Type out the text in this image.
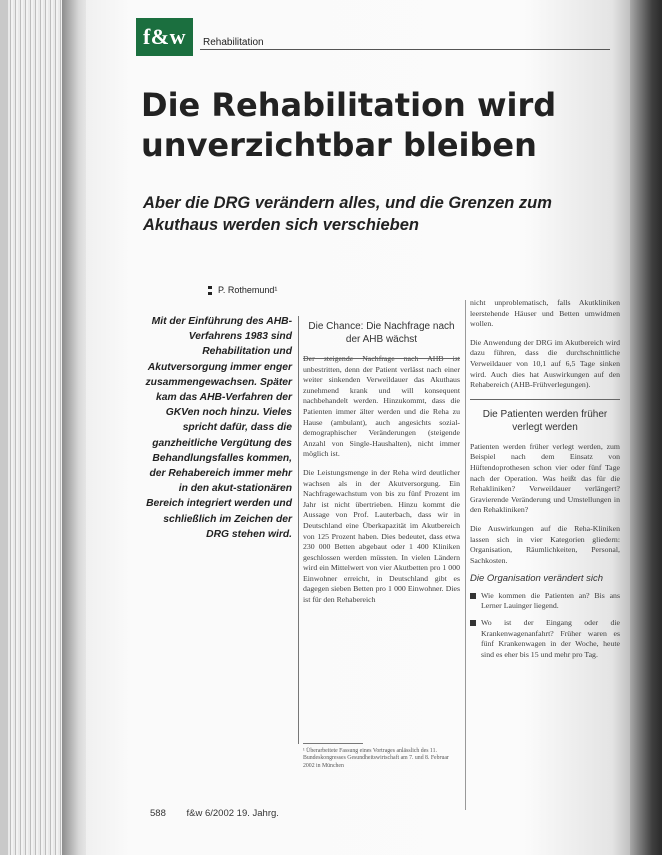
f&w	Rehabilitation
Die Rehabilitation wird unverzichtbar bleiben
Aber die DRG verändern alles, und die Grenzen zum Akuthaus werden sich verschieben
P. Rothemund¹

Mit der Einführung des AHB-Verfahrens 1983 sind Rehabilitation und Akutversorgung immer enger zusammengewachsen. Später kam das AHB-Verfahren der GKVen noch hinzu. Vieles spricht dafür, dass die ganzheitliche Vergütung des Behandlungsfalles kommen, der Rehabereich immer mehr in den akut-stationären Bereich integriert werden und schließlich im Zeichen der DRG stehen wird.

Die Chance: Die Nachfrage nach der AHB wächst

unbestritten, denn der Patient verlässt nach einer weiter sinkenden Verweildauer das Akuthaus zunehmend krank und will konsequent nachbehandelt werden. Hinzukommt, dass die Patienten immer älter werden und die Reha zu Hause (ambulant), auch angesichts sozial-demographischer Veränderungen (steigende Anzahl von Single-Haushalten), nicht immer möglich ist.

Die Leistungsmenge in der Reha wird deutlicher wachsen als in der Akutversorgung. Ein Nachfragewachstum von bis zu fünf Prozent im Jahr ist nicht übertrieben. Hinzu kommt die Aussage von Prof. Lauterbach, dass wir in Deutschland eine Überkapazität im Akutbereich von 125 Prozent haben. Dies bedeutet, dass etwa 230 000 Betten abgebaut oder 1 400 Kliniken geschlossen werden müssten. In vielen Ländern wird ein Mittelwert von vier Akutbetten pro 1 000 Einwohner erreicht, in Deutschland gibt es dagegen sieben Betten pro 1 000 Einwohner. Dies ist für den Rehabereich

¹ Überarbeitete Fassung eines Vortrages anlässlich des 11. Bundeskongresses Gesundheitswirtschaft am 7. und 8. Februar 2002 in München

nicht unproblematisch, falls Akutkliniken leerstehende Häuser und Betten umwidmen wollen.

Die Anwendung der DRG im Akutbereich wird dazu führen, dass die durchschnittliche Verweildauer von 10,1 auf 6,5 Tage sinken wird. Auch dies hat Auswirkungen auf den Rehabereich (AHB-Frühverlegungen).

Die Patienten werden früher verlegt werden

Patienten werden früher verlegt werden, zum Beispiel nach dem Einsatz von Hüftendoprothesen schon vier oder fünf Tage nach der Operation. Was heißt das für die Rehakliniken? Verweildauer verlängert? Gravierende Veränderung und Umstellungen in den Rehakliniken?

Die Auswirkungen auf die Reha-Kliniken lassen sich in vier Kategorien gliedern: Organisation, Räumlichkeiten, Personal, Sachkosten.

Die Organisation verändert sich
Wie kommen die Patienten an? Bis ans Lerner Lauinger liegend.
Wo ist der Eingang oder die Krankenwagenanfahrt? Früher waren es fünf Krankenwagen in der Woche, heute sind es eher bis 15 und mehr pro Tag.
588 f&w 6/2002 19. Jahrg.
